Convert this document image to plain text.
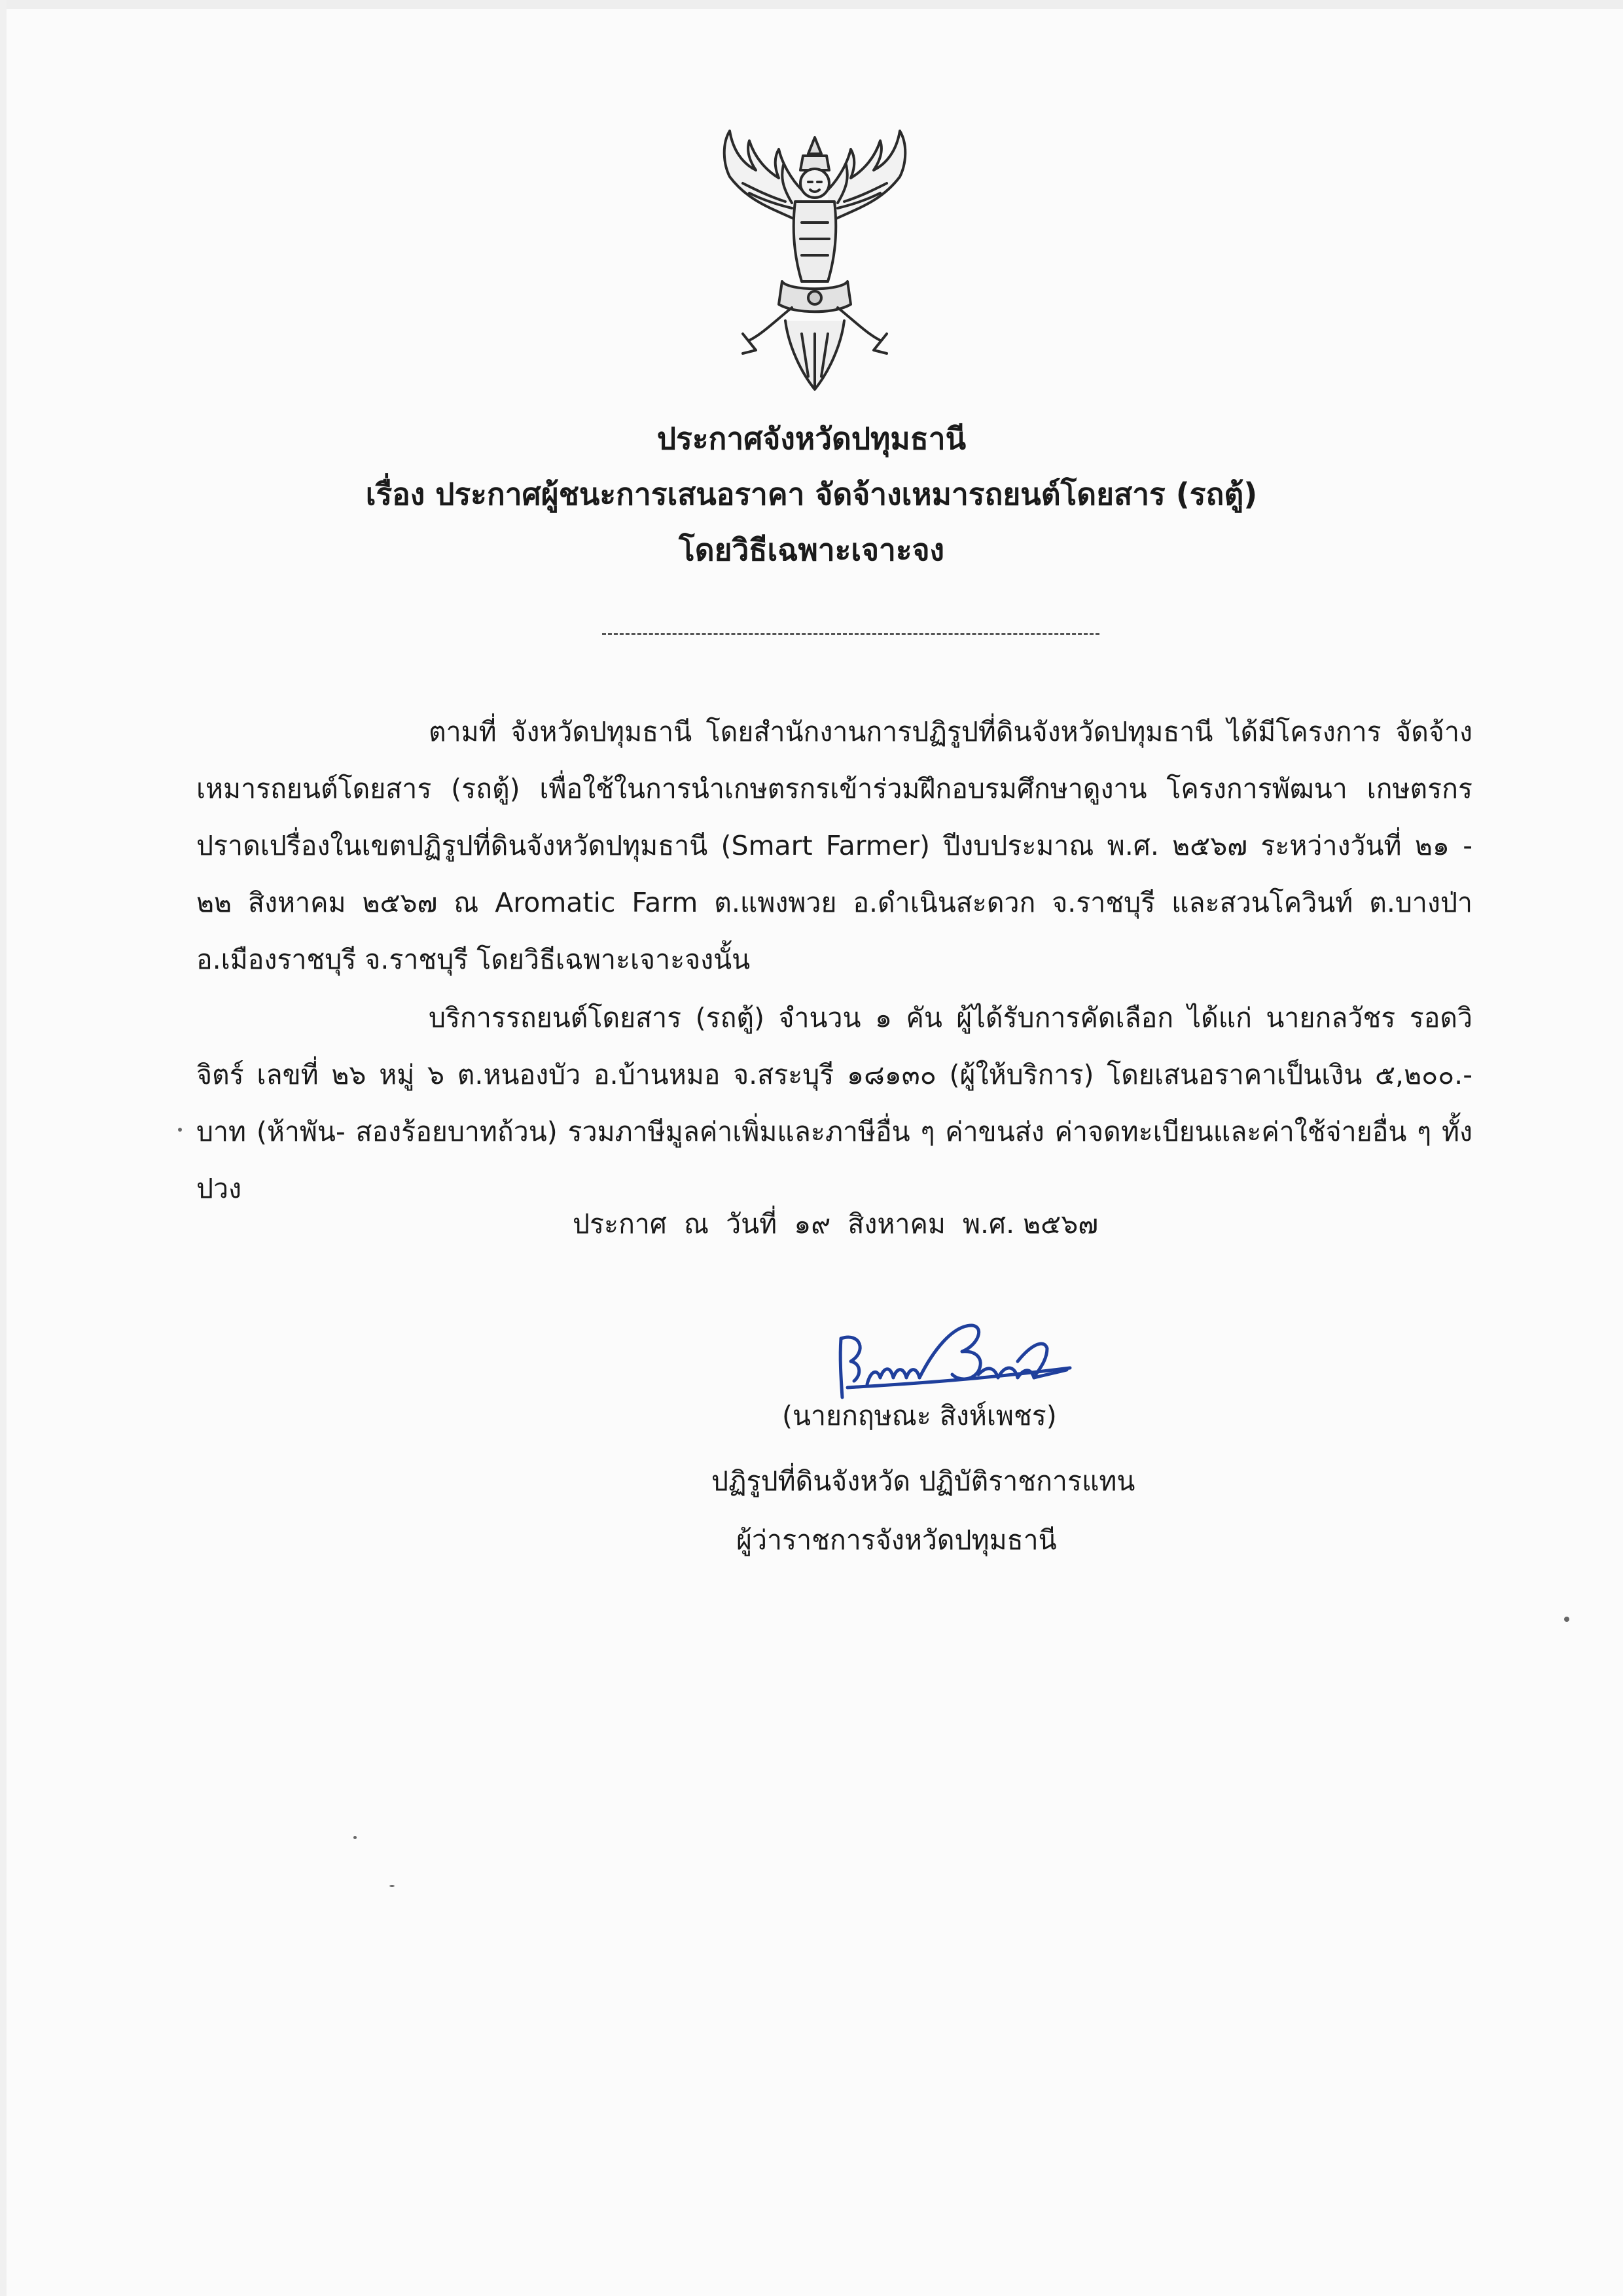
ประกาศจังหวัดปทุมธานี
เรื่อง ประกาศผู้ชนะการเสนอราคา จัดจ้างเหมารถยนต์โดยสาร (รถตู้)
โดยวิธีเฉพาะเจาะจง
ตามที่ จังหวัดปทุมธานี โดยสำนักงานการปฏิรูปที่ดินจังหวัดปทุมธานี ได้มีโครงการ จัดจ้างเหมารถยนต์โดยสาร (รถตู้) เพื่อใช้ในการนำเกษตรกรเข้าร่วมฝึกอบรมศึกษาดูงาน โครงการพัฒนา เกษตรกรปราดเปรื่องในเขตปฏิรูปที่ดินจังหวัดปทุมธานี (Smart Farmer) ปีงบประมาณ พ.ศ. ๒๕๖๗ ระหว่างวันที่ ๒๑ - ๒๒ สิงหาคม ๒๕๖๗ ณ Aromatic Farm ต.แพงพวย อ.ดำเนินสะดวก จ.ราชบุรี และสวนโควินท์ ต.บางป่า อ.เมืองราชบุรี จ.ราชบุรี โดยวิธีเฉพาะเจาะจงนั้น
บริการรถยนต์โดยสาร (รถตู้) จำนวน ๑ คัน ผู้ได้รับการคัดเลือก ได้แก่ นายกลวัชร รอดวิจิตร์ เลขที่ ๒๖ หมู่ ๖ ต.หนองบัว อ.บ้านหมอ จ.สระบุรี ๑๘๑๓๐ (ผู้ให้บริการ) โดยเสนอราคาเป็นเงิน ๕,๒๐๐.- บาท (ห้าพัน- สองร้อยบาทถ้วน) รวมภาษีมูลค่าเพิ่มและภาษีอื่น ๆ ค่าขนส่ง ค่าจดทะเบียนและค่าใช้จ่ายอื่น ๆ ทั้งปวง
ประกาศ  ณ  วันที่  ๑๙  สิงหาคม  พ.ศ. ๒๕๖๗
(นายกฤษณะ สิงห์เพชร)
ปฏิรูปที่ดินจังหวัด ปฏิบัติราชการแทน
ผู้ว่าราชการจังหวัดปทุมธานี
